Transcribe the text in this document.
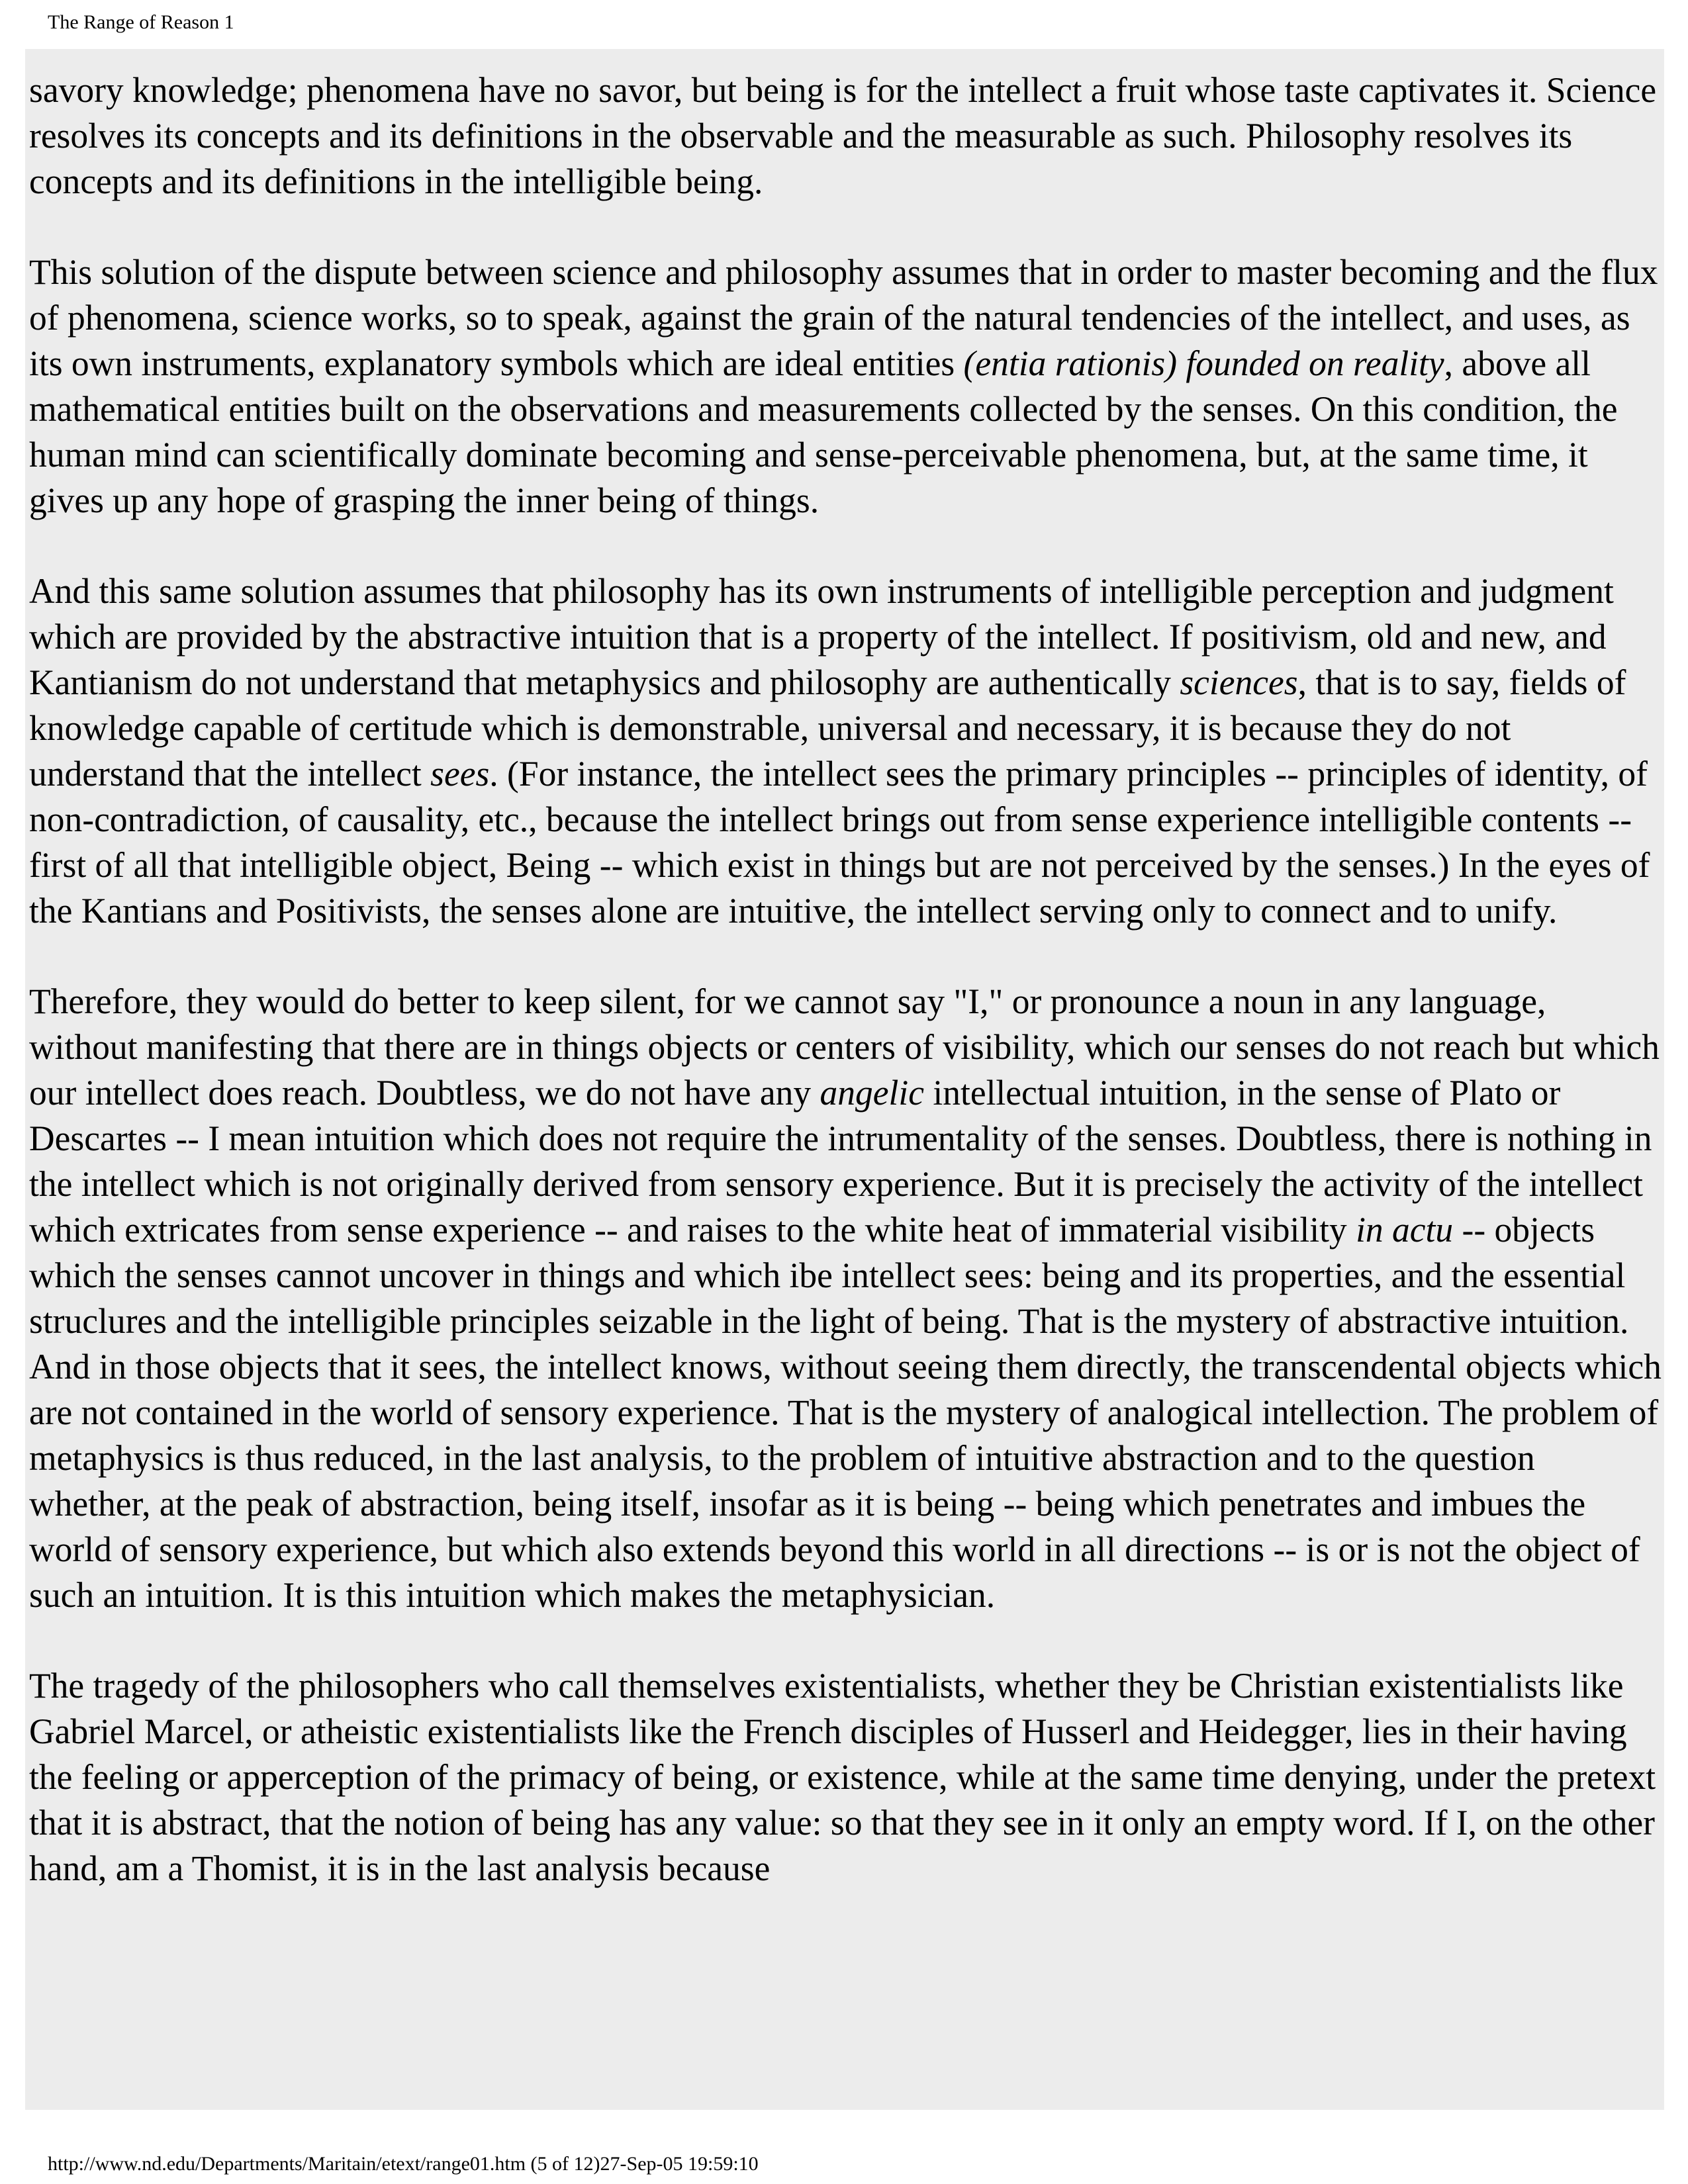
The Range of Reason 1

savory knowledge; phenomena have no savor, but being is for the intellect a fruit whose taste captivates it. Science resolves its concepts and its definitions in the observable and the measurable as such. Philosophy resolves its concepts and its definitions in the intelligible being.

This solution of the dispute between science and philosophy assumes that in order to master becoming and the flux of phenomena, science works, so to speak, against the grain of the natural tendencies of the intellect, and uses, as its own instruments, explanatory symbols which are ideal entities (entia rationis) founded on reality, above all mathematical entities built on the observations and measurements collected by the senses. On this condition, the human mind can scientifically dominate becoming and sense-perceivable phenomena, but, at the same time, it gives up any hope of grasping the inner being of things.

And this same solution assumes that philosophy has its own instruments of intelligible perception and judgment which are provided by the abstractive intuition that is a property of the intellect. If positivism, old and new, and Kantianism do not understand that metaphysics and philosophy are authentically sciences, that is to say, fields of knowledge capable of certitude which is demonstrable, universal and necessary, it is because they do not understand that the intellect sees. (For instance, the intellect sees the primary principles -- principles of identity, of non-contradiction, of causality, etc., because the intellect brings out from sense experience intelligible contents -- first of all that intelligible object, Being -- which exist in things but are not perceived by the senses.) In the eyes of the Kantians and Positivists, the senses alone are intuitive, the intellect serving only to connect and to unify.

Therefore, they would do better to keep silent, for we cannot say "I," or pronounce a noun in any language, without manifesting that there are in things objects or centers of visibility, which our senses do not reach but which our intellect does reach. Doubtless, we do not have any angelic intellectual intuition, in the sense of Plato or Descartes -- I mean intuition which does not require the intrumentality of the senses. Doubtless, there is nothing in the intellect which is not originally derived from sensory experience. But it is precisely the activity of the intellect which extricates from sense experience -- and raises to the white heat of immaterial visibility in actu -- objects which the senses cannot uncover in things and which ibe intellect sees: being and its properties, and the essential struclures and the intelligible principles seizable in the light of being. That is the mystery of abstractive intuition. And in those objects that it sees, the intellect knows, without seeing them directly, the transcendental objects which are not contained in the world of sensory experience. That is the mystery of analogical intellection. The problem of metaphysics is thus reduced, in the last analysis, to the problem of intuitive abstraction and to the question whether, at the peak of abstraction, being itself, insofar as it is being -- being which penetrates and imbues the world of sensory experience, but which also extends beyond this world in all directions -- is or is not the object of such an intuition. It is this intuition which makes the metaphysician.

The tragedy of the philosophers who call themselves existentialists, whether they be Christian existentialists like Gabriel Marcel, or atheistic existentialists like the French disciples of Husserl and Heidegger, lies in their having the feeling or apperception of the primacy of being, or existence, while at the same time denying, under the pretext that it is abstract, that the notion of being has any value: so that they see in it only an empty word. If I, on the other hand, am a Thomist, it is in the last analysis because

http://www.nd.edu/Departments/Maritain/etext/range01.htm (5 of 12)27-Sep-05 19:59:10
